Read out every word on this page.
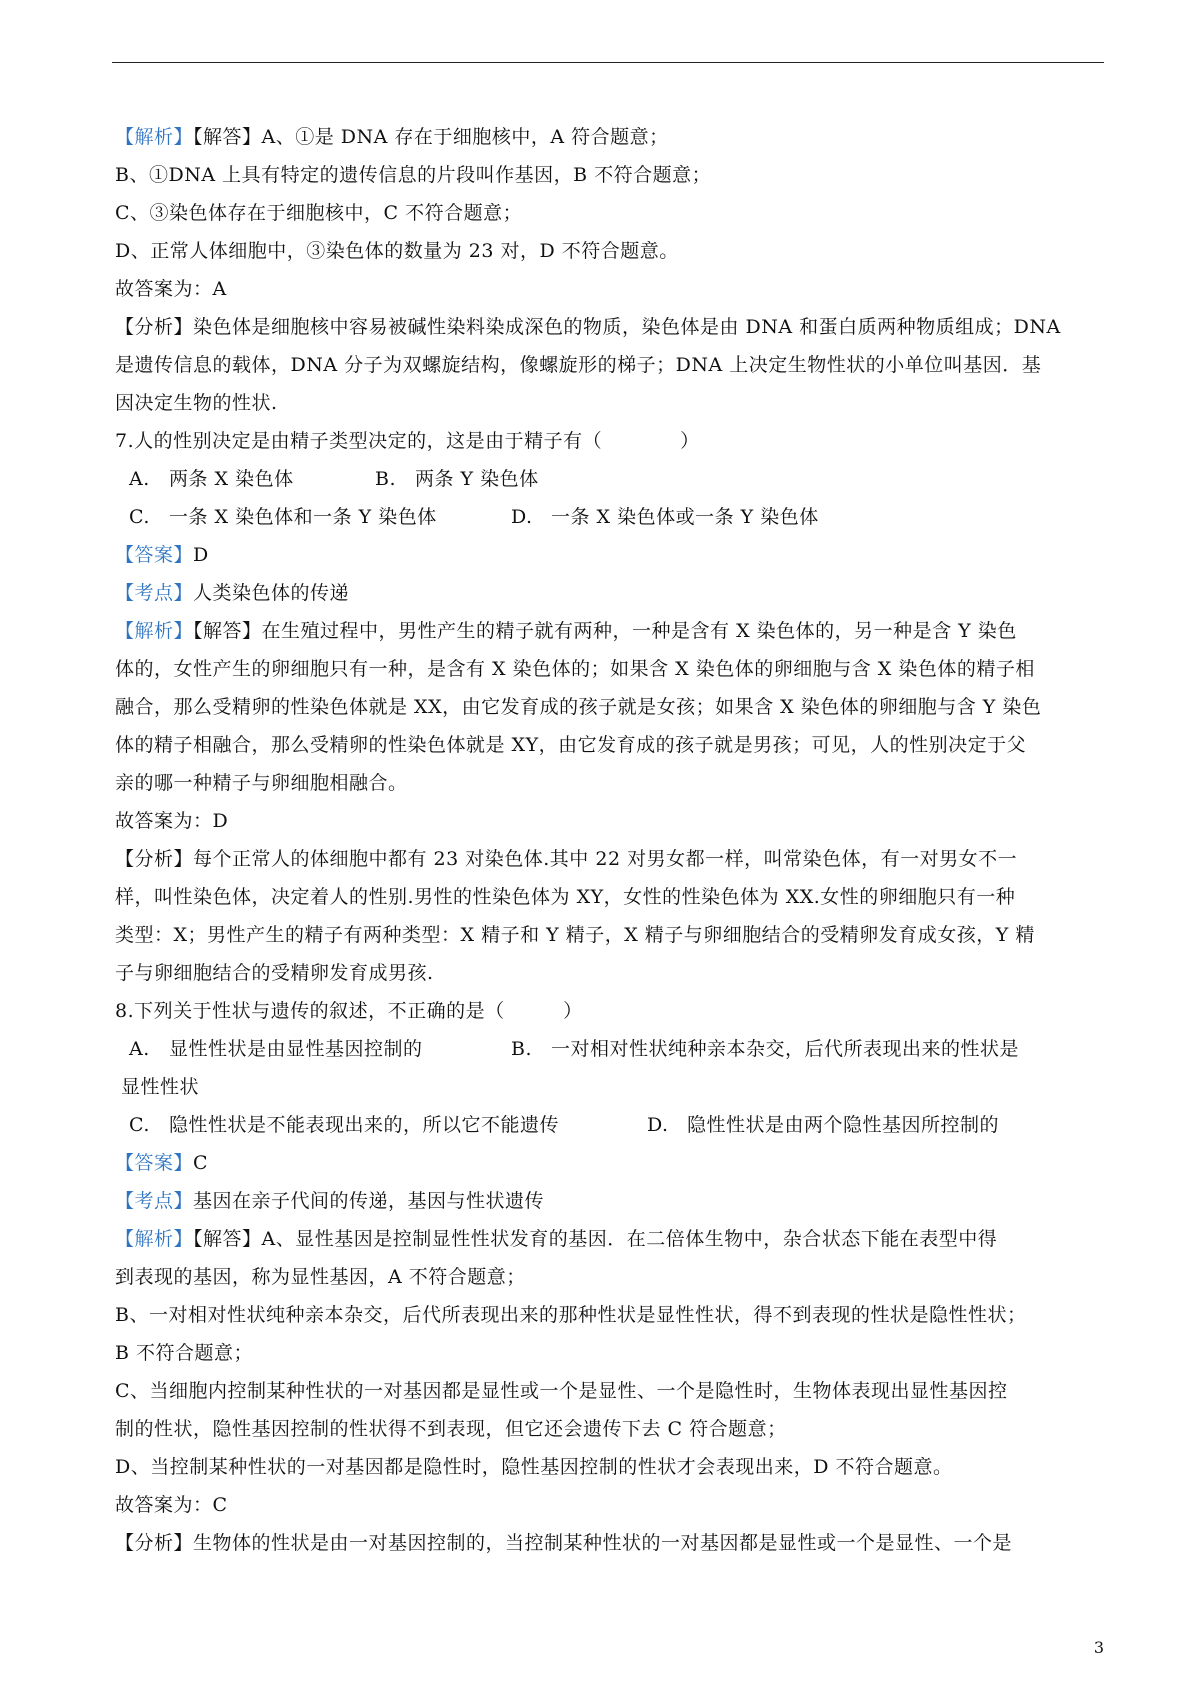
【解析】【解答】A、①是 DNA 存在于细胞核中，A 符合题意；
B、①DNA 上具有特定的遗传信息的片段叫作基因，B 不符合题意；
C、③染色体存在于细胞核中，C 不符合题意；
D、正常人体细胞中，③染色体的数量为 23 对，D 不符合题意。
故答案为：A
【分析】染色体是细胞核中容易被碱性染料染成深色的物质，染色体是由 DNA 和蛋白质两种物质组成；DNA
是遗传信息的载体，DNA 分子为双螺旋结构，像螺旋形的梯子；DNA 上决定生物性状的小单位叫基因．基
因决定生物的性状.
7.人的性别决定是由精子类型决定的，这是由于精子有（　　　　）
A. 两条 X 染色体	B. 两条 Y 染色体
C. 一条 X 染色体和一条 Y 染色体	D. 一条 X 染色体或一条 Y 染色体
【答案】D
【考点】人类染色体的传递
【解析】【解答】在生殖过程中，男性产生的精子就有两种，一种是含有 X 染色体的，另一种是含 Y 染色
体的，女性产生的卵细胞只有一种，是含有 X 染色体的；如果含 X 染色体的卵细胞与含 X 染色体的精子相
融合，那么受精卵的性染色体就是 XX，由它发育成的孩子就是女孩；如果含 X 染色体的卵细胞与含 Y 染色
体的精子相融合，那么受精卵的性染色体就是 XY，由它发育成的孩子就是男孩；可见，人的性别决定于父
亲的哪一种精子与卵细胞相融合。
故答案为：D
【分析】每个正常人的体细胞中都有 23 对染色体.其中 22 对男女都一样，叫常染色体，有一对男女不一
样，叫性染色体，决定着人的性别.男性的性染色体为 XY，女性的性染色体为 XX.女性的卵细胞只有一种
类型：X；男性产生的精子有两种类型：X 精子和 Y 精子，X 精子与卵细胞结合的受精卵发育成女孩，Y 精
子与卵细胞结合的受精卵发育成男孩.
8.下列关于性状与遗传的叙述，不正确的是（　　　）
A. 显性性状是由显性基因控制的	B. 一对相对性状纯种亲本杂交，后代所表现出来的性状是
显性性状
C. 隐性性状是不能表现出来的，所以它不能遗传	D. 隐性性状是由两个隐性基因所控制的
【答案】C
【考点】基因在亲子代间的传递，基因与性状遗传
【解析】【解答】A、显性基因是控制显性性状发育的基因．在二倍体生物中，杂合状态下能在表型中得
到表现的基因，称为显性基因，A 不符合题意；
B、一对相对性状纯种亲本杂交，后代所表现出来的那种性状是显性性状，得不到表现的性状是隐性性状；
B 不符合题意；
C、当细胞内控制某种性状的一对基因都是显性或一个是显性、一个是隐性时，生物体表现出显性基因控
制的性状，隐性基因控制的性状得不到表现，但它还会遗传下去 C 符合题意；
D、当控制某种性状的一对基因都是隐性时，隐性基因控制的性状才会表现出来，D 不符合题意。
故答案为：C
【分析】生物体的性状是由一对基因控制的，当控制某种性状的一对基因都是显性或一个是显性、一个是
3
